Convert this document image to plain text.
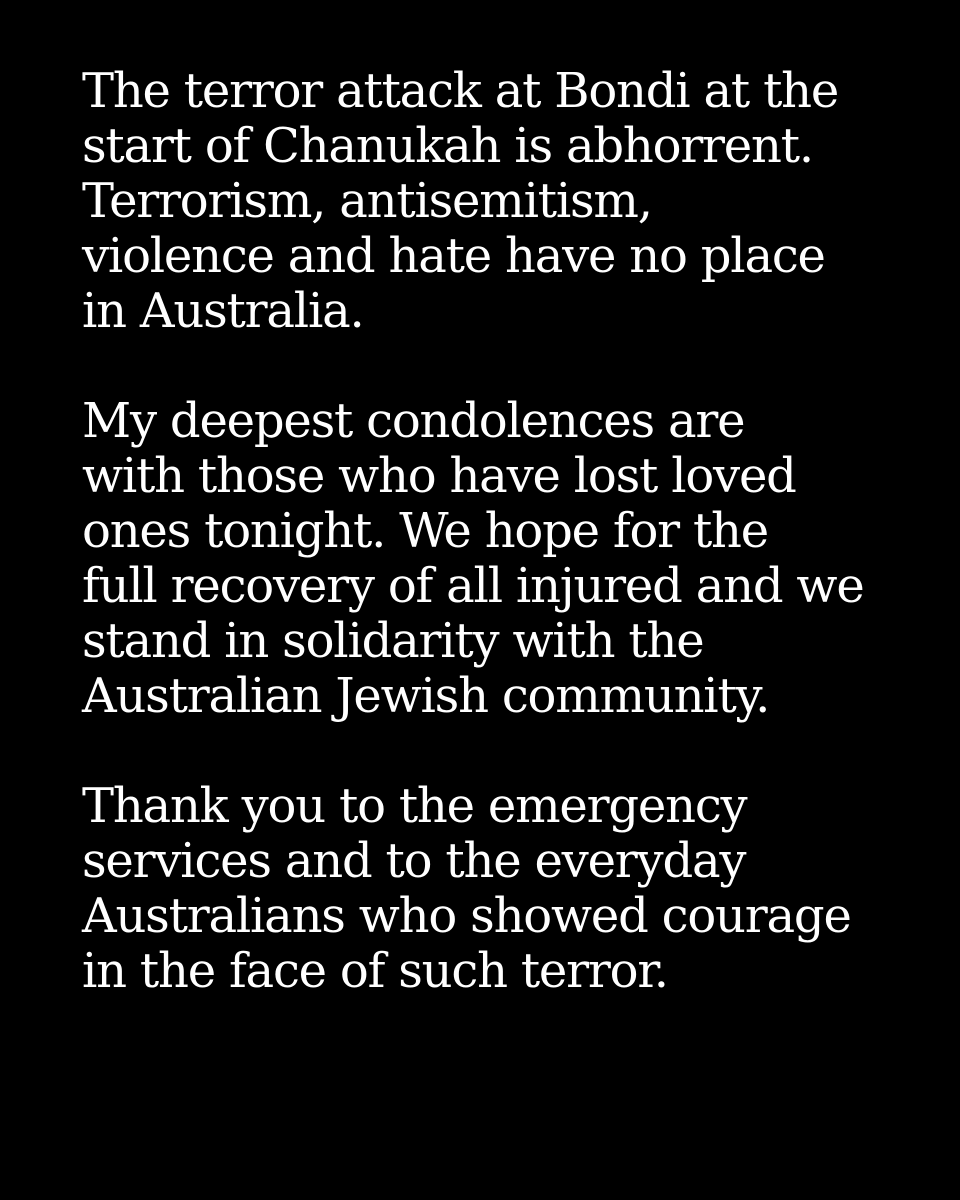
The terror attack at Bondi at the
start of Chanukah is abhorrent.
Terrorism, antisemitism,
violence and hate have no place
in Australia.
My deepest condolences are
with those who have lost loved
ones tonight. We hope for the
full recovery of all injured and we
stand in solidarity with the
Australian Jewish community.
Thank you to the emergency
services and to the everyday
Australians who showed courage
in the face of such terror.
